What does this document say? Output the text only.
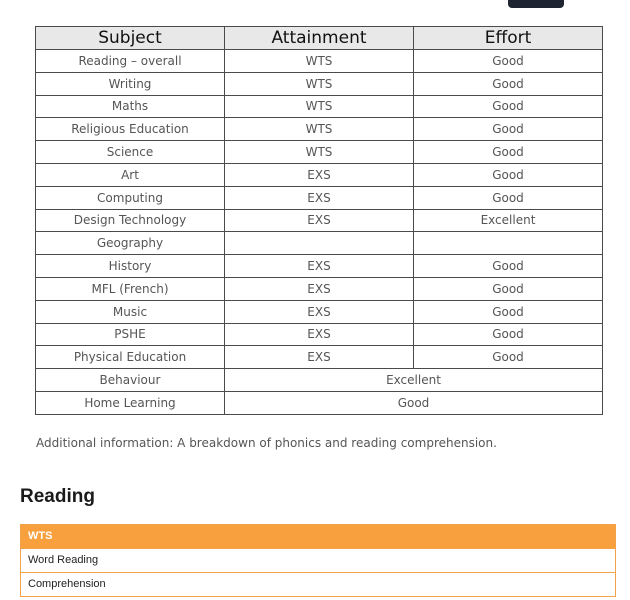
Subject	Attainment	Effort
Reading – overall	WTS	Good
Writing	WTS	Good
Maths	WTS	Good
Religious Education	WTS	Good
Science	WTS	Good
Art	EXS	Good
Computing	EXS	Good
Design Technology	EXS	Excellent
Geography		
History	EXS	Good
MFL (French)	EXS	Good
Music	EXS	Good
PSHE	EXS	Good
Physical Education	EXS	Good
Behaviour	Excellent	
Home Learning	Good	

Additional information: A breakdown of phonics and reading comprehension.

Reading
WTS
Word Reading
Comprehension
